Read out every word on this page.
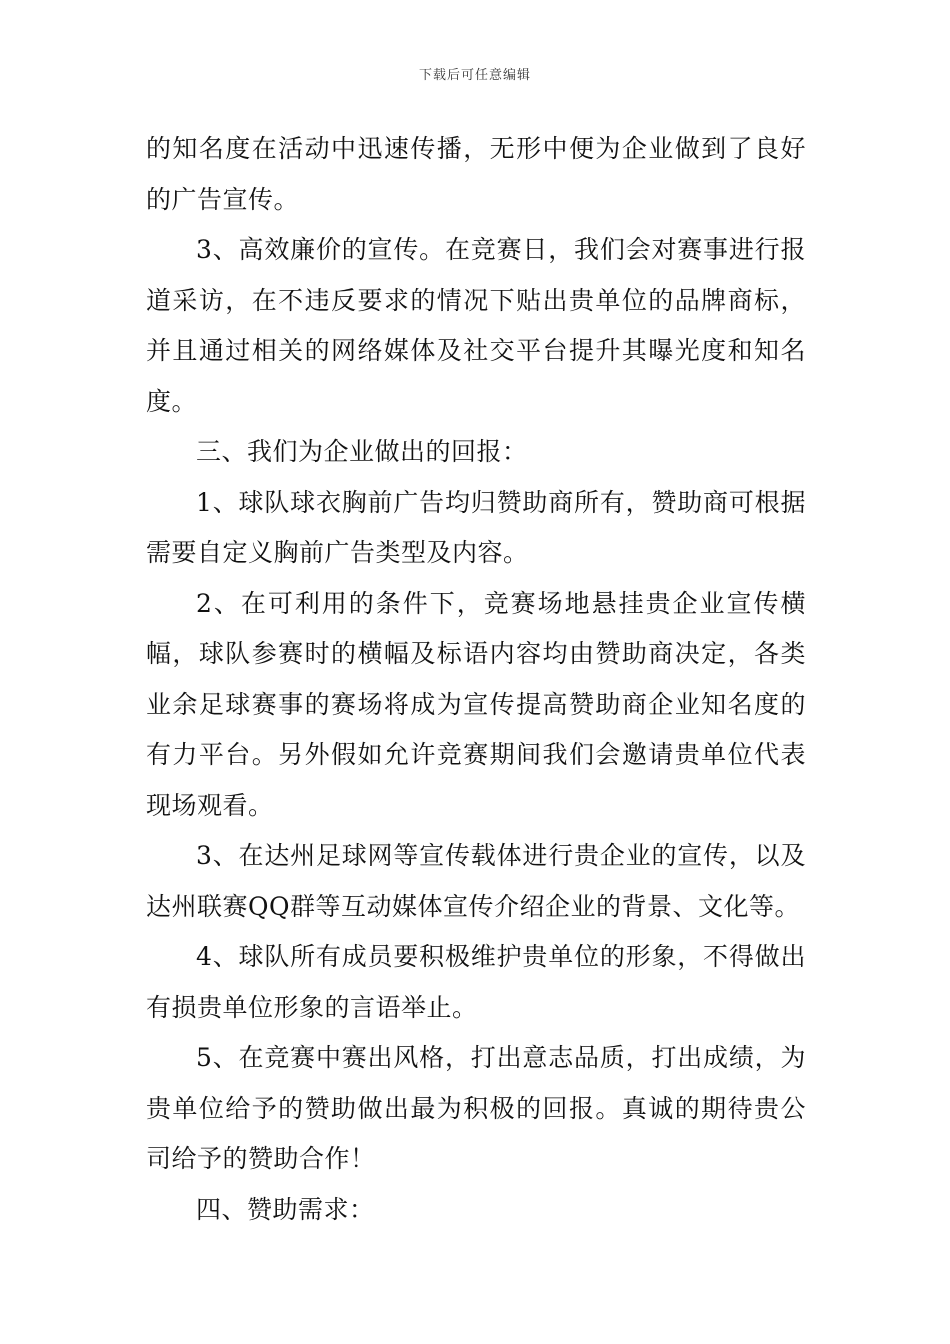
下载后可任意编辑

的知名度在活动中迅速传播，无形中便为企业做到了良好的广告宣传。

3、高效廉价的宣传。在竞赛日，我们会对赛事进行报道采访，在不违反要求的情况下贴出贵单位的品牌商标，并且通过相关的网络媒体及社交平台提升其曝光度和知名度。

三、我们为企业做出的回报：

1、球队球衣胸前广告均归赞助商所有，赞助商可根据需要自定义胸前广告类型及内容。

2、在可利用的条件下，竞赛场地悬挂贵企业宣传横幅，球队参赛时的横幅及标语内容均由赞助商决定，各类业余足球赛事的赛场将成为宣传提高赞助商企业知名度的有力平台。另外假如允许竞赛期间我们会邀请贵单位代表现场观看。

3、在达州足球网等宣传载体进行贵企业的宣传，以及达州联赛QQ群等互动媒体宣传介绍企业的背景、文化等。

4、球队所有成员要积极维护贵单位的形象，不得做出有损贵单位形象的言语举止。

5、在竞赛中赛出风格，打出意志品质，打出成绩，为贵单位给予的赞助做出最为积极的回报。真诚的期待贵公司给予的赞助合作！

四、赞助需求：
